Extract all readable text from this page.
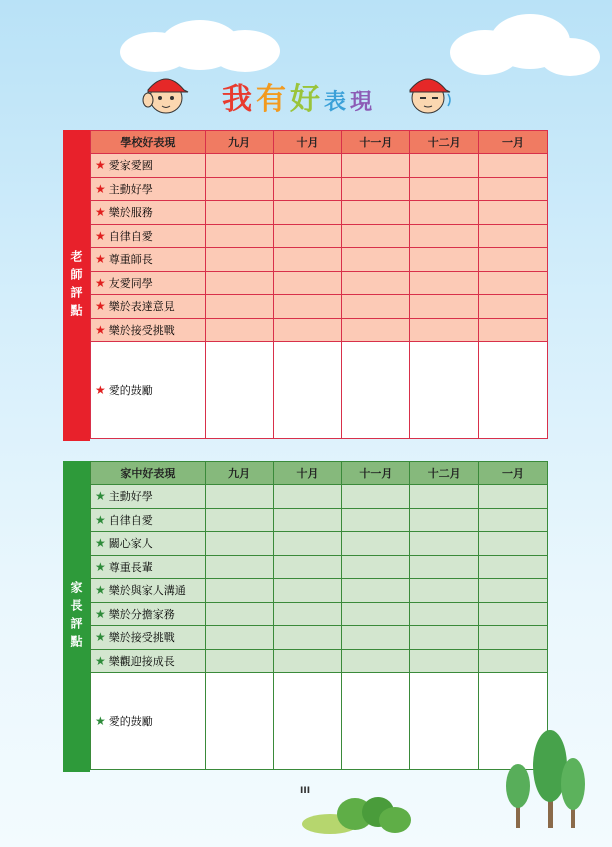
我有好表現
老師評點
學校好表現	九月	十月	十一月	十二月	一月
★ 愛家愛國					
★ 主動好學					
★ 樂於服務					
★ 自律自愛					
★ 尊重師長					
★ 友愛同學					
★ 樂於表達意見					
★ 樂於接受挑戰					
★ 愛的鼓勵					
家長評點
家中好表現	九月	十月	十一月	十二月	一月
★ 主動好學					
★ 自律自愛					
★ 關心家人					
★ 尊重長輩					
★ 樂於與家人溝通					
★ 樂於分擔家務					
★ 樂於接受挑戰					
★ 樂觀迎接成長					
★ 愛的鼓勵					
III
